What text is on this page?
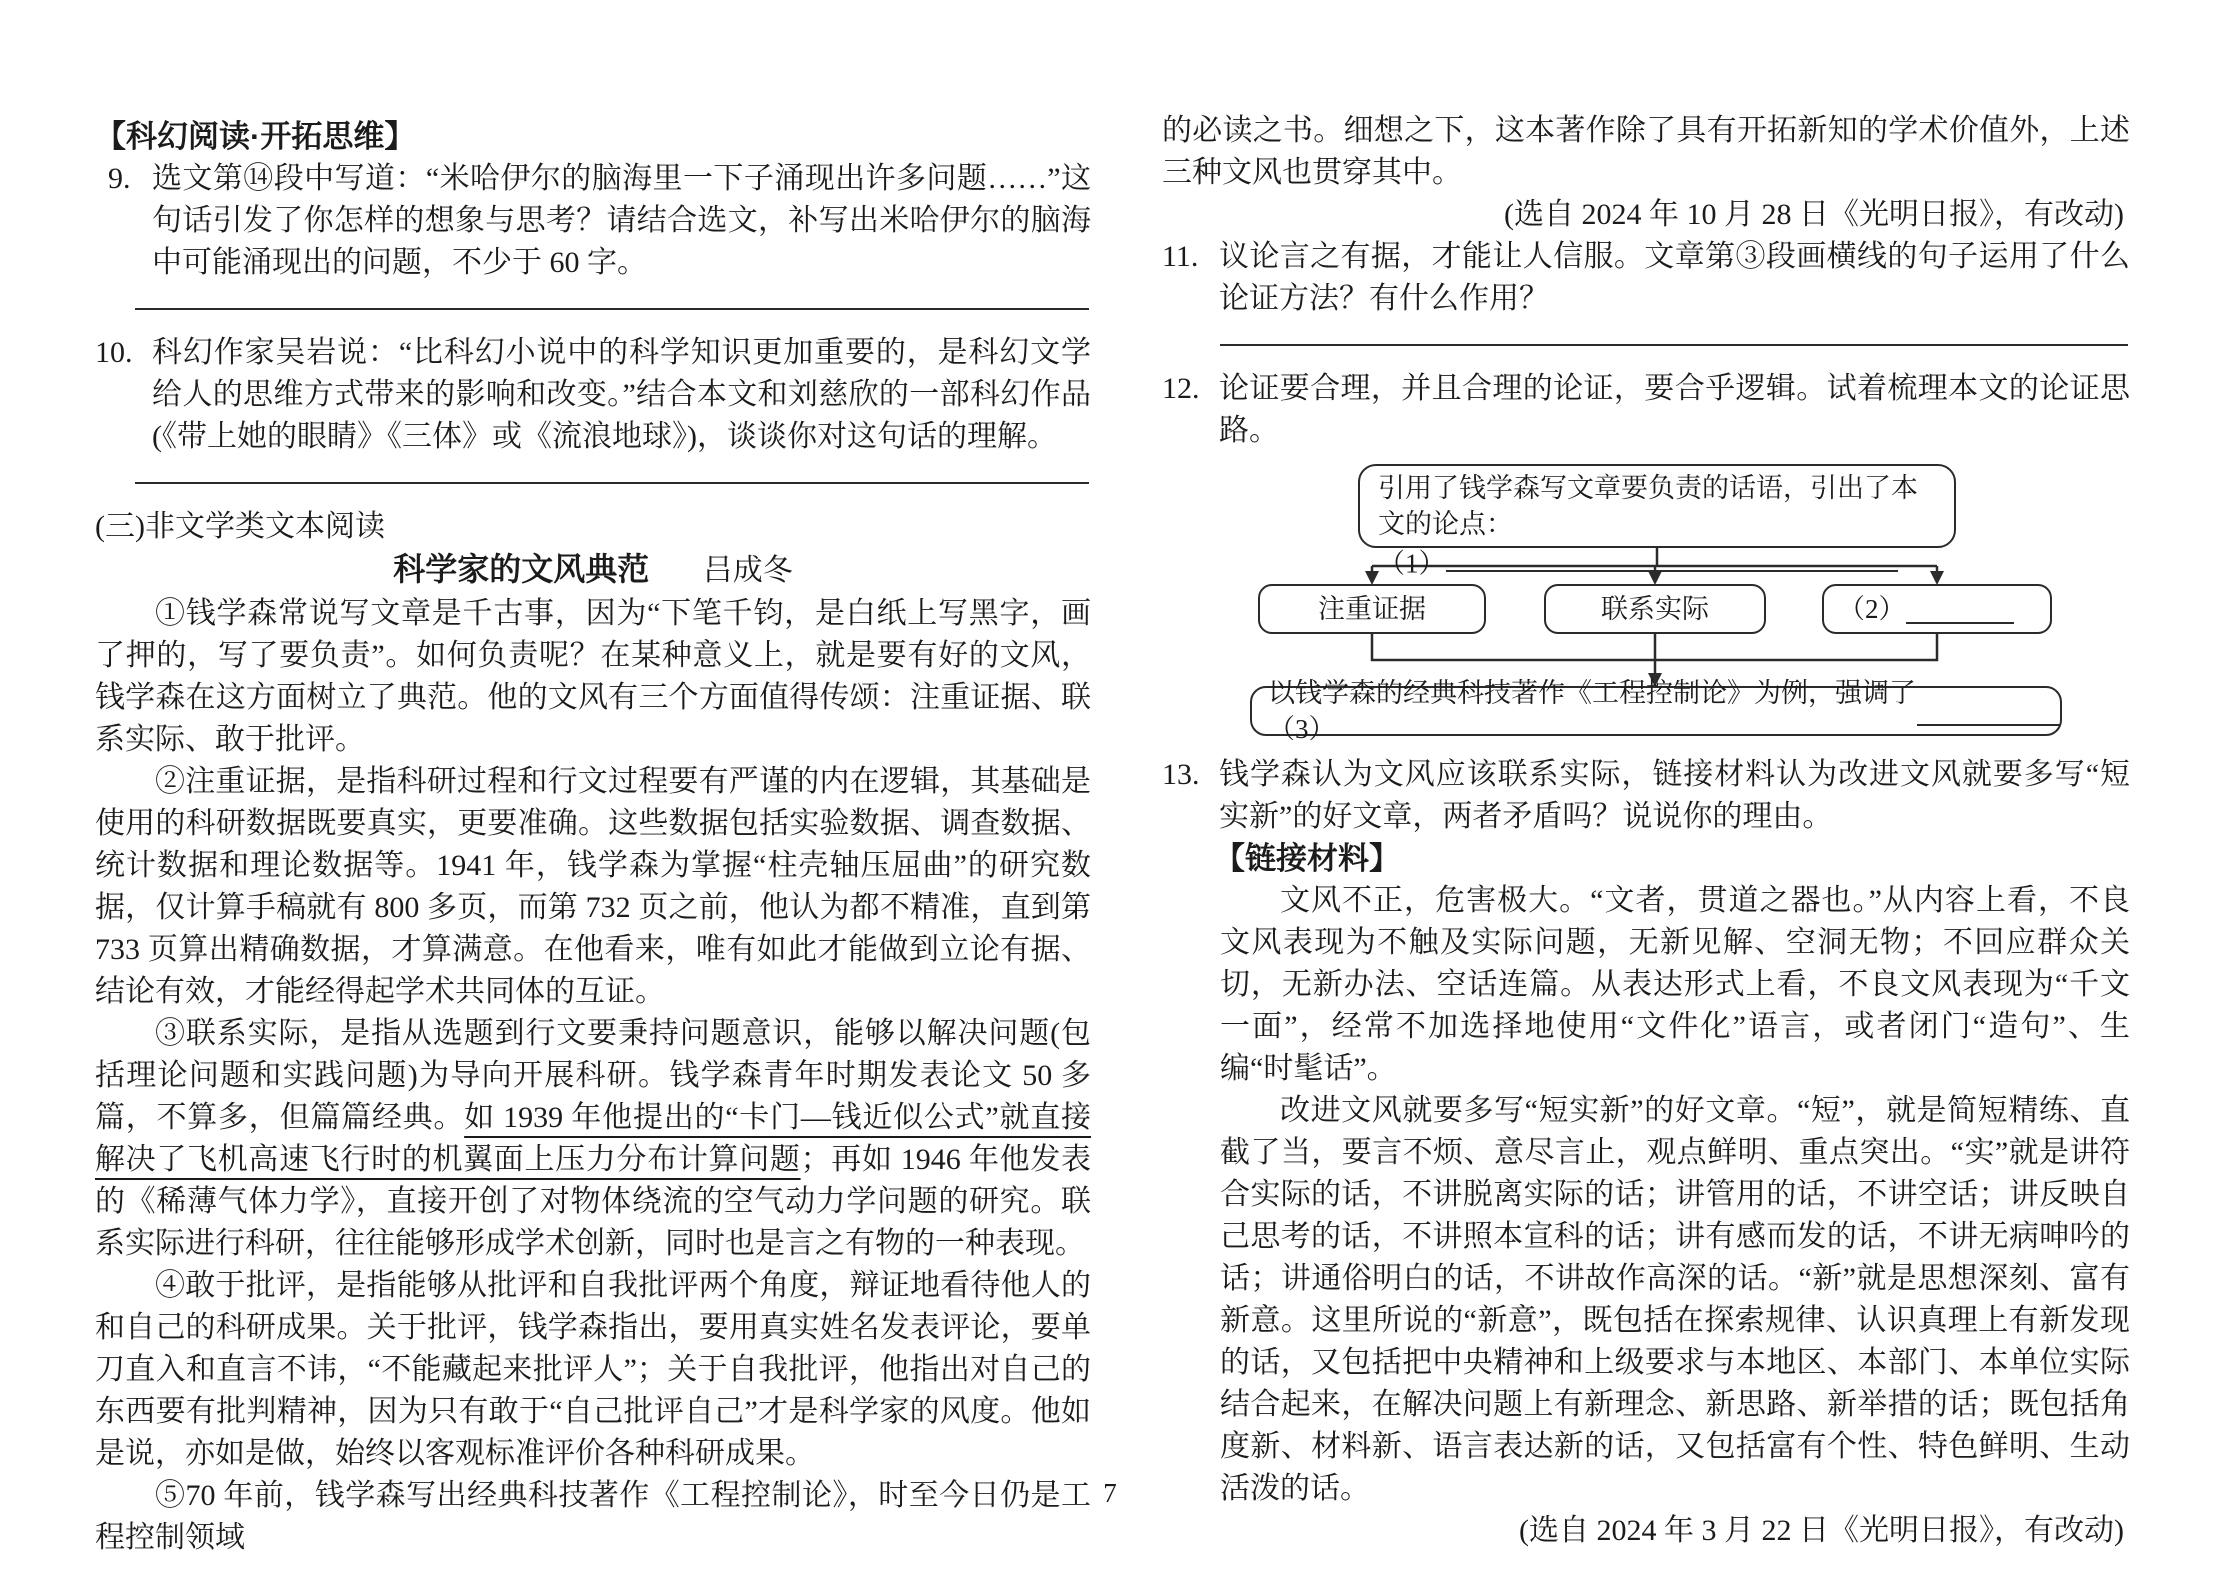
【科幻阅读·开拓思维】
9. 选文第⑭段中写道：“米哈伊尔的脑海里一下子涌现出许多问题……”这句话引发了你怎样的想象与思考？请结合选文，补写出米哈伊尔的脑海中可能涌现出的问题，不少于 60 字。
10. 科幻作家吴岩说：“比科幻小说中的科学知识更加重要的，是科幻文学给人的思维方式带来的影响和改变。”结合本文和刘慈欣的一部科幻作品(《带上她的眼睛》《三体》或《流浪地球》)，谈谈你对这句话的理解。
(三)非文学类文本阅读
科学家的文风典范 吕成冬

①钱学森常说写文章是千古事，因为“下笔千钧，是白纸上写黑字，画了押的，写了要负责”。如何负责呢？在某种意义上，就是要有好的文风，钱学森在这方面树立了典范。他的文风有三个方面值得传颂：注重证据、联系实际、敢于批评。

②注重证据，是指科研过程和行文过程要有严谨的内在逻辑，其基础是使用的科研数据既要真实，更要准确。这些数据包括实验数据、调查数据、统计数据和理论数据等。1941 年，钱学森为掌握“柱壳轴压屈曲”的研究数据，仅计算手稿就有 800 多页，而第 732 页之前，他认为都不精准，直到第 733 页算出精确数据，才算满意。在他看来，唯有如此才能做到立论有据、结论有效，才能经得起学术共同体的互证。

③联系实际，是指从选题到行文要秉持问题意识，能够以解决问题(包括理论问题和实践问题)为导向开展科研。钱学森青年时期发表论文 50 多篇，不算多，但篇篇经典。如 1939 年他提出的“卡门—钱近似公式”就直接解决了飞机高速飞行时的机翼面上压力分布计算问题；再如 1946 年他发表的《稀薄气体力学》，直接开创了对物体绕流的空气动力学问题的研究。联系实际进行科研，往往能够形成学术创新，同时也是言之有物的一种表现。

④敢于批评，是指能够从批评和自我批评两个角度，辩证地看待他人的和自己的科研成果。关于批评，钱学森指出，要用真实姓名发表评论，要单刀直入和直言不讳，“不能藏起来批评人”；关于自我批评，他指出对自己的东西要有批判精神，因为只有敢于“自己批评自己”才是科学家的风度。他如是说，亦如是做，始终以客观标准评价各种科研成果。

⑤70 年前，钱学森写出经典科技著作《工程控制论》，时至今日仍是工程控制领域

的必读之书。细想之下，这本著作除了具有开拓新知的学术价值外，上述三种文风也贯穿其中。

(选自 2024 年 10 月 28 日《光明日报》，有改动)
11. 议论言之有据，才能让人信服。文章第③段画横线的句子运用了什么论证方法？有什么作用？
12. 论证要合理，并且合理的论证，要合乎逻辑。试着梳理本文的论证思路。
引用了钱学森写文章要负责的话语，引出了本文的论点：
（1）
注重证据	联系实际	（2）
以钱学森的经典科技著作《工程控制论》为例，强调了（3）
13. 钱学森认为文风应该联系实际，链接材料认为改进文风就要多写“短实新”的好文章，两者矛盾吗？说说你的理由。
【链接材料】

文风不正，危害极大。“文者，贯道之器也。”从内容上看，不良文风表现为不触及实际问题，无新见解、空洞无物；不回应群众关切，无新办法、空话连篇。从表达形式上看，不良文风表现为“千文一面”，经常不加选择地使用“文件化”语言，或者闭门“造句”、生编“时髦话”。

改进文风就要多写“短实新”的好文章。“短”，就是简短精练、直截了当，要言不烦、意尽言止，观点鲜明、重点突出。“实”就是讲符合实际的话，不讲脱离实际的话；讲管用的话，不讲空话；讲反映自己思考的话，不讲照本宣科的话；讲有感而发的话，不讲无病呻吟的话；讲通俗明白的话，不讲故作高深的话。“新”就是思想深刻、富有新意。这里所说的“新意”，既包括在探索规律、认识真理上有新发现的话，又包括把中央精神和上级要求与本地区、本部门、本单位实际结合起来，在解决问题上有新理念、新思路、新举措的话；既包括角度新、材料新、语言表达新的话，又包括富有个性、特色鲜明、生动活泼的话。

(选自 2024 年 3 月 22 日《光明日报》，有改动)
7
